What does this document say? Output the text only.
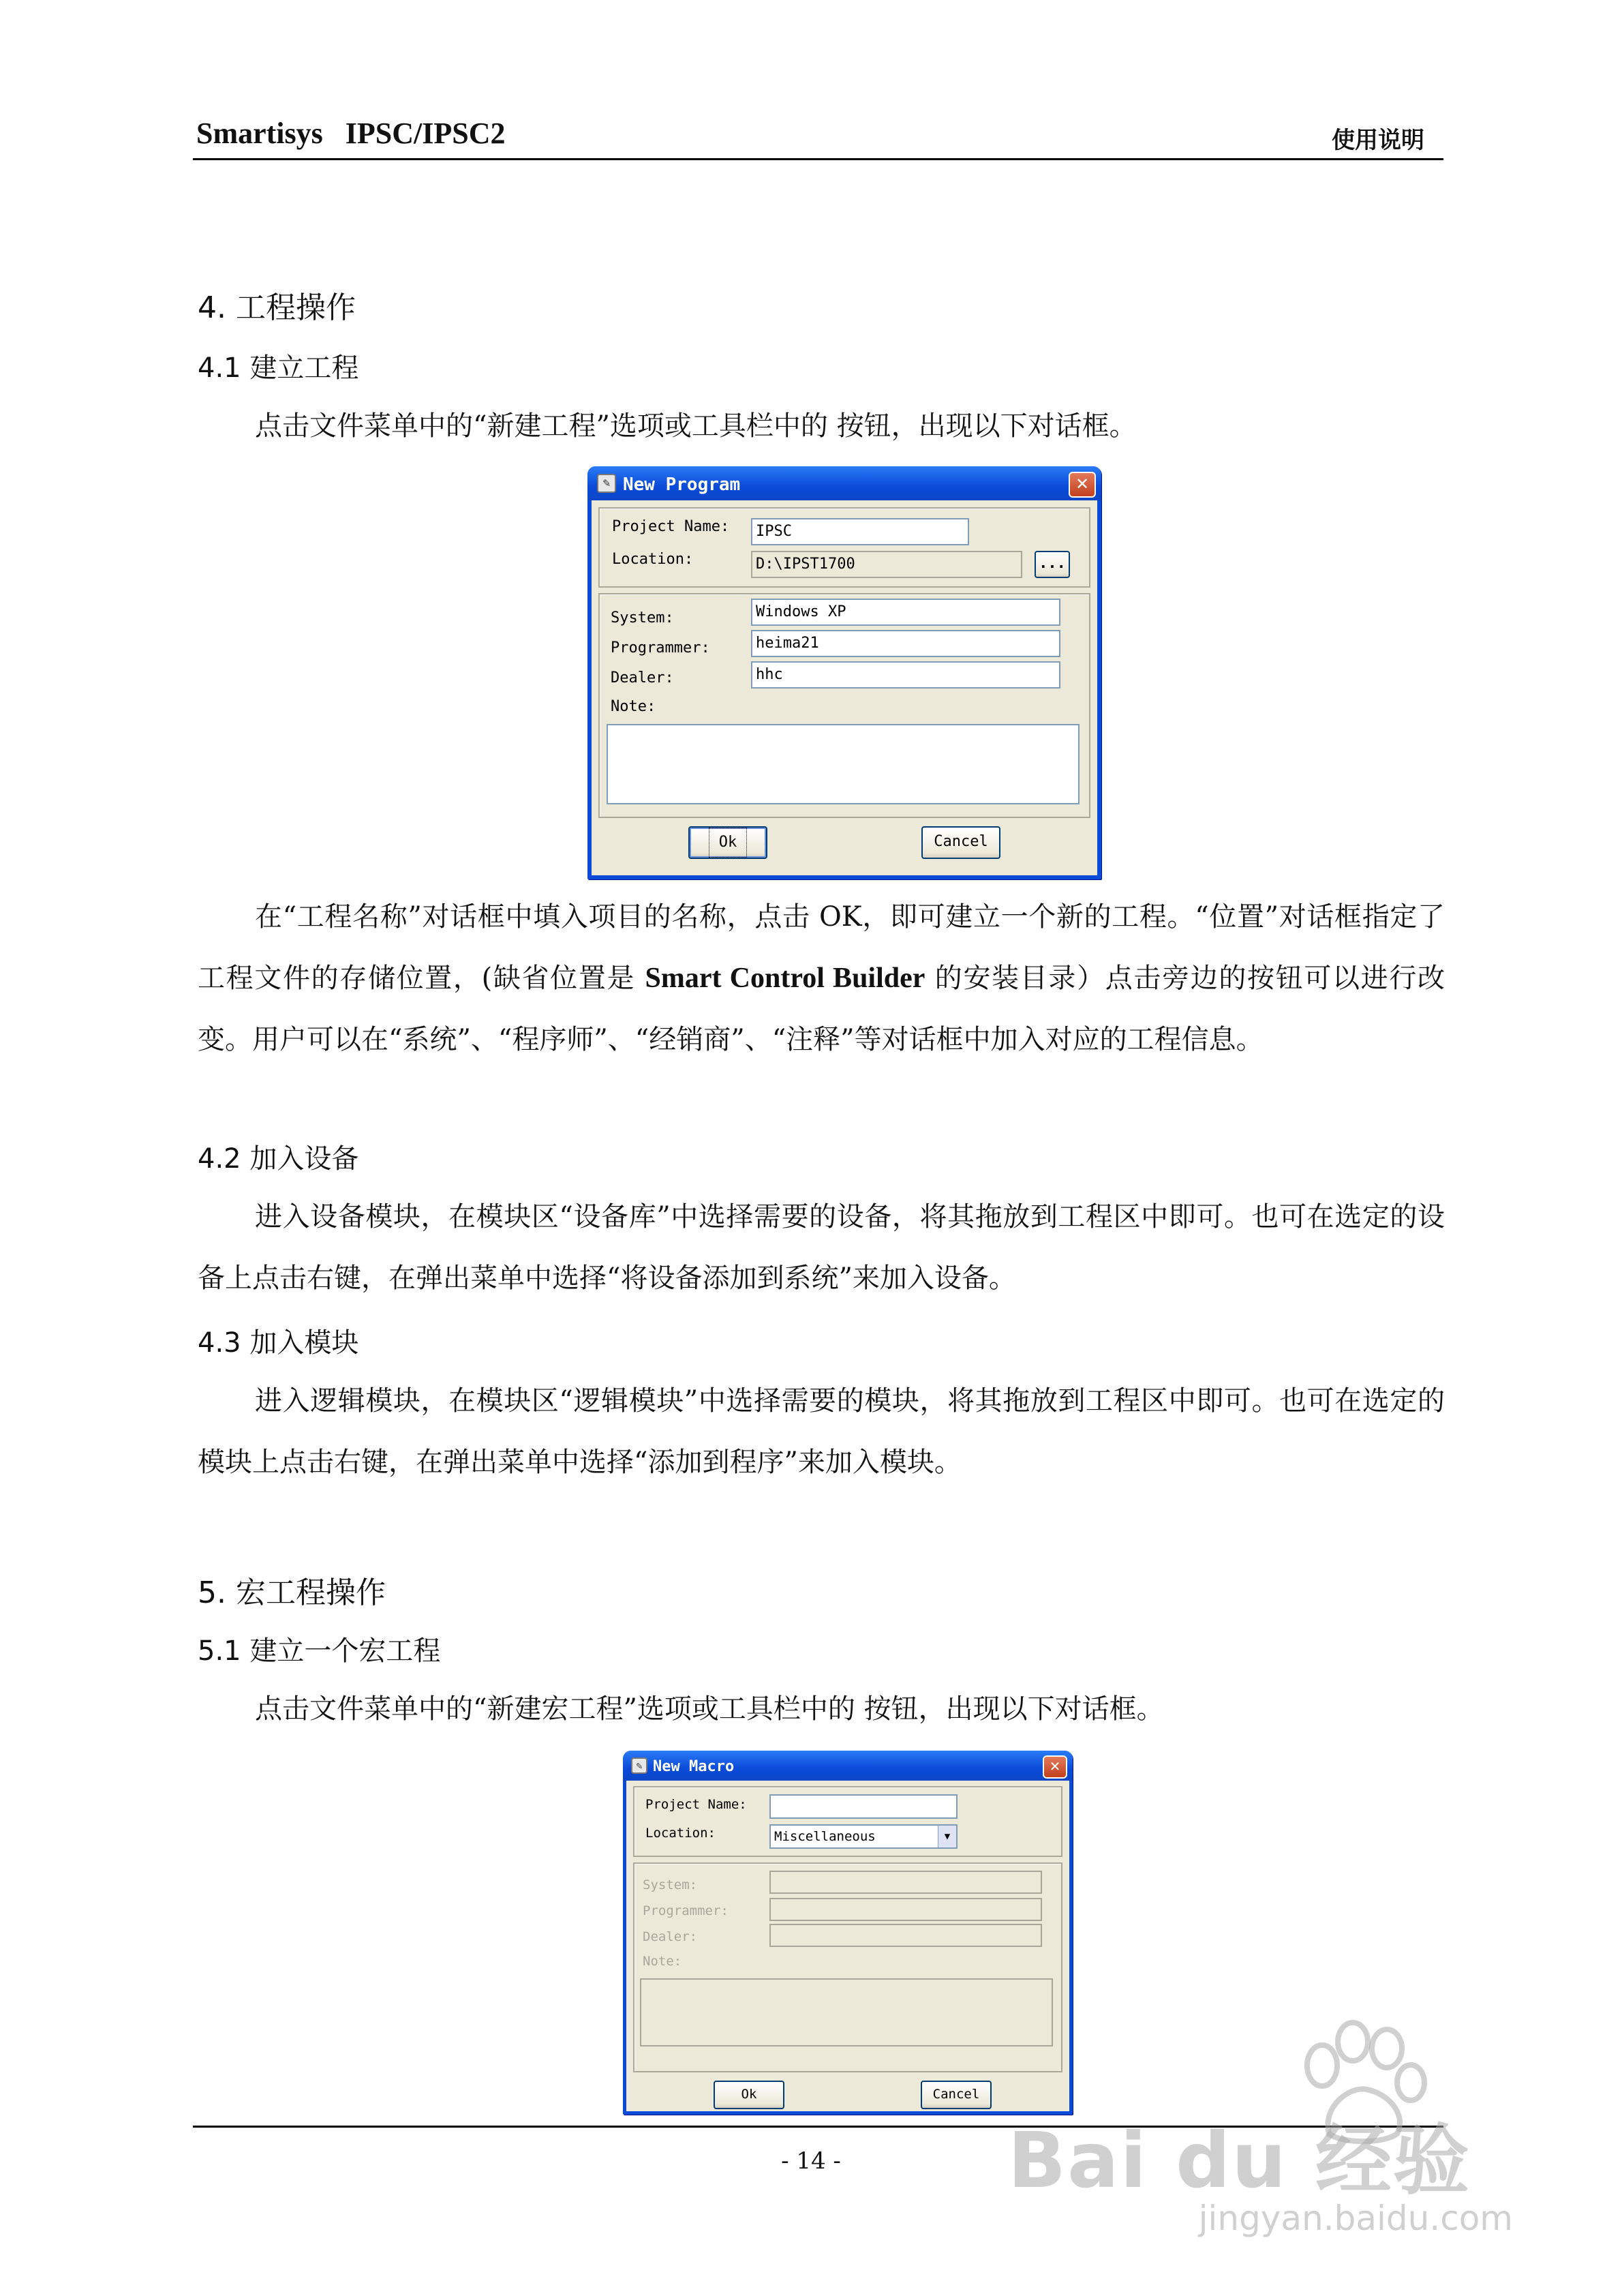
Smartisys   IPSC/IPSC2	使用说明
4. 工程操作
4.1 建立工程
点击文件菜单中的“新建工程”选项或工具栏中的 按钮，出现以下对话框。
✎ New Program	✕
Project Name:	IPSC
Location:	D:\IPST1700	...
System:	Windows XP
Programmer:	heima21
Dealer:	hhc
Note:
Ok	Cancel
在“工程名称”对话框中填入项目的名称，点击 OK，即可建立一个新的工程。“位置”对话框指定了工程文件的存储位置，(缺省位置是 Smart Control Builder 的安装目录）点击旁边的按钮可以进行改变。用户可以在“系统”、“程序师”、“经销商”、“注释”等对话框中加入对应的工程信息。
4.2 加入设备
进入设备模块，在模块区“设备库”中选择需要的设备，将其拖放到工程区中即可。也可在选定的设备上点击右键，在弹出菜单中选择“将设备添加到系统”来加入设备。
4.3 加入模块
进入逻辑模块，在模块区“逻辑模块”中选择需要的模块，将其拖放到工程区中即可。也可在选定的模块上点击右键，在弹出菜单中选择“添加到程序”来加入模块。
5. 宏工程操作
5.1 建立一个宏工程
点击文件菜单中的“新建宏工程”选项或工具栏中的 按钮，出现以下对话框。
✎ New Macro	✕
Project Name:
Location:	Miscellaneous	▼
System:
Programmer:
Dealer:
Note:
Ok	Cancel
- 14 -	Bai du 经验
jingyan.baidu.com
